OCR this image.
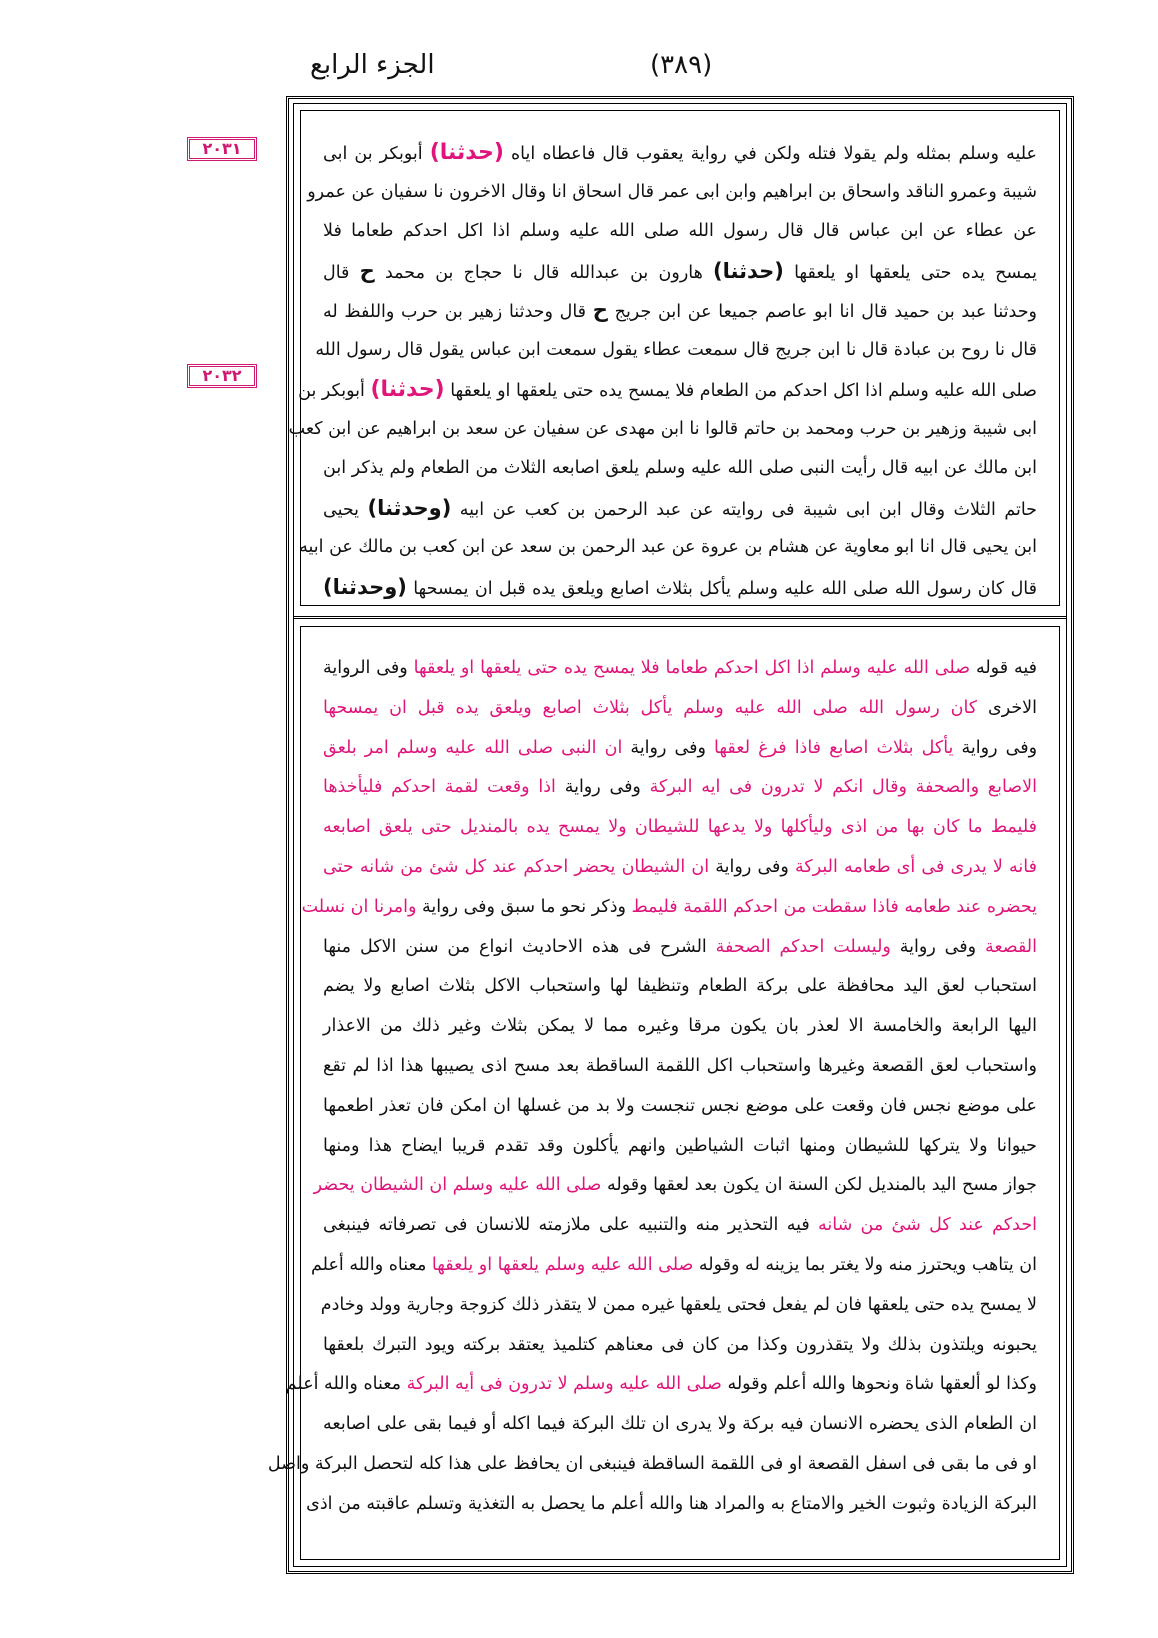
الجزء الرابع	(٣٨٩)
٢٠٣١
٢٠٣٢
عليه وسلم بمثله ولم يقولا فتله ولكن في رواية يعقوب قال فاعطاه اياه (حدثنا) أبوبكر بن ابى
شيبة وعمرو الناقد واسحاق بن ابراهيم وابن ابى عمر قال اسحاق انا وقال الاخرون نا سفيان عن عمرو
عن عطاء عن ابن عباس قال قال رسول الله صلى الله عليه وسلم اذا اكل احدكم طعاما فلا
يمسح يده حتى يلعقها او يلعقها (حدثنا) هارون بن عبدالله قال نا حجاج بن محمد ح قال
وحدثنا عبد بن حميد قال انا ابو عاصم جميعا عن ابن جريج ح قال وحدثنا زهير بن حرب واللفظ له
قال نا روح بن عبادة قال نا ابن جريج قال سمعت عطاء يقول سمعت ابن عباس يقول قال رسول الله
صلى الله عليه وسلم اذا اكل احدكم من الطعام فلا يمسح يده حتى يلعقها او يلعقها (حدثنا) أبوبكر بن
ابى شيبة وزهير بن حرب ومحمد بن حاتم قالوا نا ابن مهدى عن سفيان عن سعد بن ابراهيم عن ابن كعب
ابن مالك عن ابيه قال رأيت النبى صلى الله عليه وسلم يلعق اصابعه الثلاث من الطعام ولم يذكر ابن
حاتم الثلاث وقال ابن ابى شيبة فى روايته عن عبد الرحمن بن كعب عن ابيه (وحدثنا) يحيى
ابن يحيى قال انا ابو معاوية عن هشام بن عروة عن عبد الرحمن بن سعد عن ابن كعب بن مالك عن ابيه
قال كان رسول الله صلى الله عليه وسلم يأكل بثلاث اصابع ويلعق يده قبل ان يمسحها (وحدثنا)
فيه قوله صلى الله عليه وسلم اذا اكل احدكم طعاما فلا يمسح يده حتى يلعقها او يلعقها وفى الرواية
الاخرى كان رسول الله صلى الله عليه وسلم يأكل بثلاث اصابع ويلعق يده قبل ان يمسحها
وفى رواية يأكل بثلاث اصابع فاذا فرغ لعقها وفى رواية ان النبى صلى الله عليه وسلم امر بلعق
الاصابع والصحفة وقال انكم لا تدرون فى ايه البركة وفى رواية اذا وقعت لقمة احدكم فليأخذها
فليمط ما كان بها من اذى وليأكلها ولا يدعها للشيطان ولا يمسح يده بالمنديل حتى يلعق اصابعه
فانه لا يدرى فى أى طعامه البركة وفى رواية ان الشيطان يحضر احدكم عند كل شئ من شانه حتى
يحضره عند طعامه فاذا سقطت من احدكم اللقمة فليمط وذكر نحو ما سبق وفى رواية وامرنا ان نسلت
القصعة وفى رواية وليسلت احدكم الصحفة الشرح فى هذه الاحاديث انواع من سنن الاكل منها
استحباب لعق اليد محافظة على بركة الطعام وتنظيفا لها واستحباب الاكل بثلاث اصابع ولا يضم
اليها الرابعة والخامسة الا لعذر بان يكون مرقا وغيره مما لا يمكن بثلاث وغير ذلك من الاعذار
واستحباب لعق القصعة وغيرها واستحباب اكل اللقمة الساقطة بعد مسح اذى يصيبها هذا اذا لم تقع
على موضع نجس فان وقعت على موضع نجس تنجست ولا بد من غسلها ان امكن فان تعذر اطعمها
حيوانا ولا يتركها للشيطان ومنها اثبات الشياطين وانهم يأكلون وقد تقدم قريبا ايضاح هذا ومنها
جواز مسح اليد بالمنديل لكن السنة ان يكون بعد لعقها وقوله صلى الله عليه وسلم ان الشيطان يحضر
احدكم عند كل شئ من شانه فيه التحذير منه والتنبيه على ملازمته للانسان فى تصرفاته فينبغى
ان يتاهب ويحترز منه ولا يغتر بما يزينه له وقوله صلى الله عليه وسلم يلعقها او يلعقها معناه والله أعلم
لا يمسح يده حتى يلعقها فان لم يفعل فحتى يلعقها غيره ممن لا يتقذر ذلك كزوجة وجارية وولد وخادم
يحبونه ويلتذون بذلك ولا يتقذرون وكذا من كان فى معناهم كتلميذ يعتقد بركته ويود التبرك بلعقها
وكذا لو ألعقها شاة ونحوها والله أعلم وقوله صلى الله عليه وسلم لا تدرون فى أيه البركة معناه والله أعلم
ان الطعام الذى يحضره الانسان فيه بركة ولا يدرى ان تلك البركة فيما اكله أو فيما بقى على اصابعه
او فى ما بقى فى اسفل القصعة او فى اللقمة الساقطة فينبغى ان يحافظ على هذا كله لتحصل البركة واصل
البركة الزيادة وثبوت الخير والامتاع به والمراد هنا والله أعلم ما يحصل به التغذية وتسلم عاقبته من اذى
